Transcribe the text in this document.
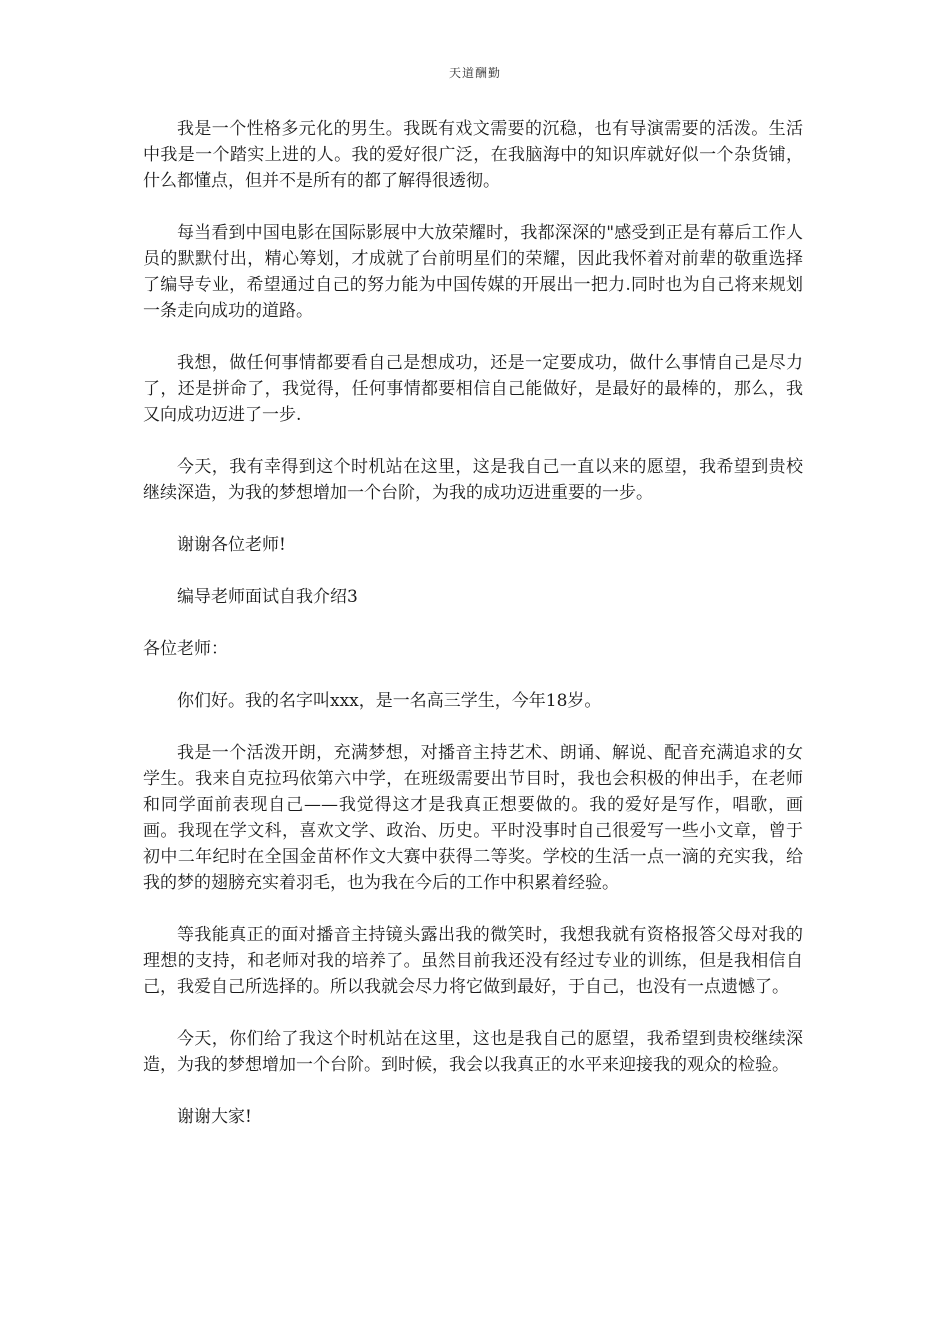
天道酬勤

我是一个性格多元化的男生。我既有戏文需要的沉稳，也有导演需要的活泼。生活中我是一个踏实上进的人。我的爱好很广泛，在我脑海中的知识库就好似一个杂货铺，什么都懂点，但并不是所有的都了解得很透彻。

每当看到中国电影在国际影展中大放荣耀时，我都深深的"感受到正是有幕后工作人员的默默付出，精心筹划，才成就了台前明星们的荣耀，因此我怀着对前辈的敬重选择了编导专业，希望通过自己的努力能为中国传媒的开展出一把力.同时也为自己将来规划一条走向成功的道路。

我想，做任何事情都要看自己是想成功，还是一定要成功，做什么事情自己是尽力了，还是拼命了，我觉得，任何事情都要相信自己能做好，是最好的最棒的，那么，我又向成功迈进了一步.

今天，我有幸得到这个时机站在这里，这是我自己一直以来的愿望，我希望到贵校继续深造，为我的梦想增加一个台阶，为我的成功迈进重要的一步。

谢谢各位老师!

编导老师面试自我介绍3

各位老师：

你们好。我的名字叫xxx，是一名高三学生，今年18岁。

我是一个活泼开朗，充满梦想，对播音主持艺术、朗诵、解说、配音充满追求的女学生。我来自克拉玛依第六中学，在班级需要出节目时，我也会积极的伸出手，在老师和同学面前表现自己——我觉得这才是我真正想要做的。我的爱好是写作，唱歌，画画。我现在学文科，喜欢文学、政治、历史。平时没事时自己很爱写一些小文章，曾于初中二年纪时在全国金苗杯作文大赛中获得二等奖。学校的生活一点一滴的充实我，给我的梦的翅膀充实着羽毛，也为我在今后的工作中积累着经验。

等我能真正的面对播音主持镜头露出我的微笑时，我想我就有资格报答父母对我的理想的支持，和老师对我的培养了。虽然目前我还没有经过专业的训练，但是我相信自己，我爱自己所选择的。所以我就会尽力将它做到最好，于自己，也没有一点遗憾了。

今天，你们给了我这个时机站在这里，这也是我自己的愿望，我希望到贵校继续深造，为我的梦想增加一个台阶。到时候，我会以我真正的水平来迎接我的观众的检验。

谢谢大家!
